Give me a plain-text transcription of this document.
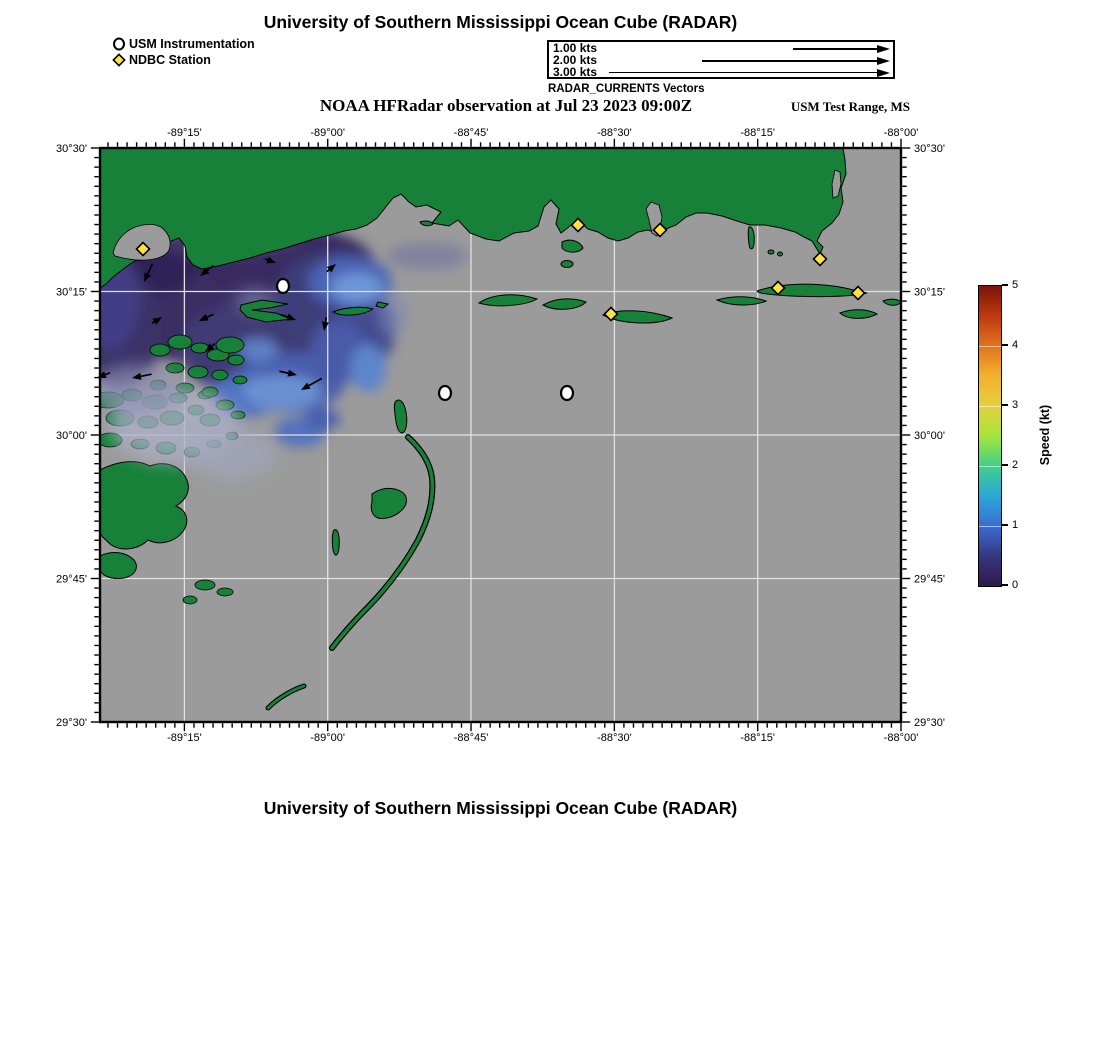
University of Southern Mississippi Ocean Cube (RADAR)
USM Instrumentation
NDBC Station
1.00 kts
2.00 kts
3.00 kts
RADAR_CURRENTS Vectors
NOAA HFRadar observation at Jul 23 2023 09:00Z	USM Test Range, MS
-89°15'
-89°15'
-89°00'
-89°00'
-88°45'
-88°45'
-88°30'
-88°30'
-88°15'
-88°15'
-88°00'
-88°00'
30°30'	30°30'
30°15'	30°15'
30°00'	30°00'
29°45'	29°45'
29°30'	29°30'
5
4
3
2
1
0
Speed (kt)
University of Southern Mississippi Ocean Cube (RADAR)
